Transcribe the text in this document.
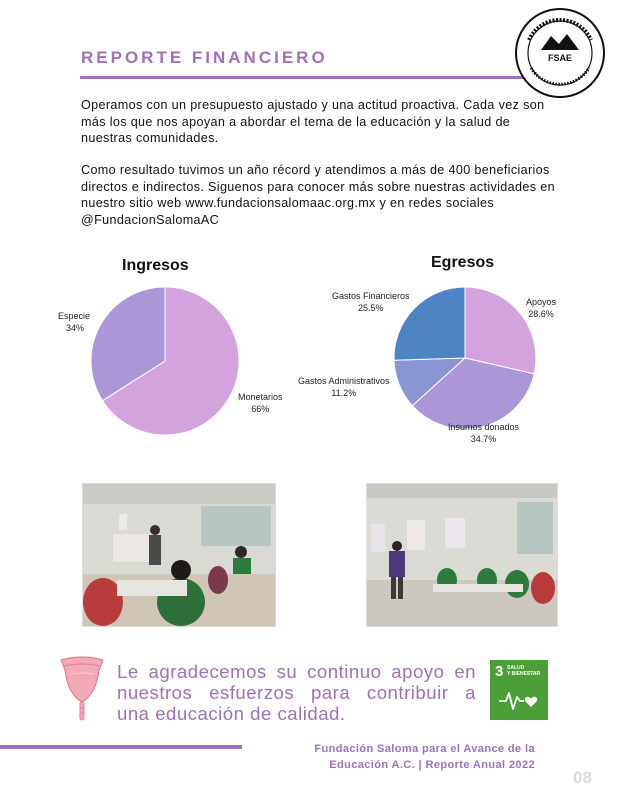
REPORTE FINANCIERO	FSAE

Operamos con un presupuesto ajustado y una actitud proactiva. Cada vez son más los que nos apoyan a abordar el tema de la educación y la salud de nuestras comunidades.

Como resultado tuvimos un año récord y atendimos a más de 400 beneficiarios directos e indirectos. Siguenos para conocer más sobre nuestras actividades en nuestro sitio web www.fundacionsalomaac.org.mx y en redes sociales @FundacionSalomaAC

Ingresos	Egresos
Especie
34%
Monetarios
66%
Gastos Financieros
25.5%
Apoyos
28.6%
Gastos Administrativos
11.2%
Insumos donados
34.7%

Le agradecemos su continuo apoyo en
nuestros esfuerzos para contribuir a
una educación de calidad.

3 SALUD
Y BIENESTAR
Fundación Saloma para el Avance de la
Educación A.C. | Reporte Anual 2022
08
